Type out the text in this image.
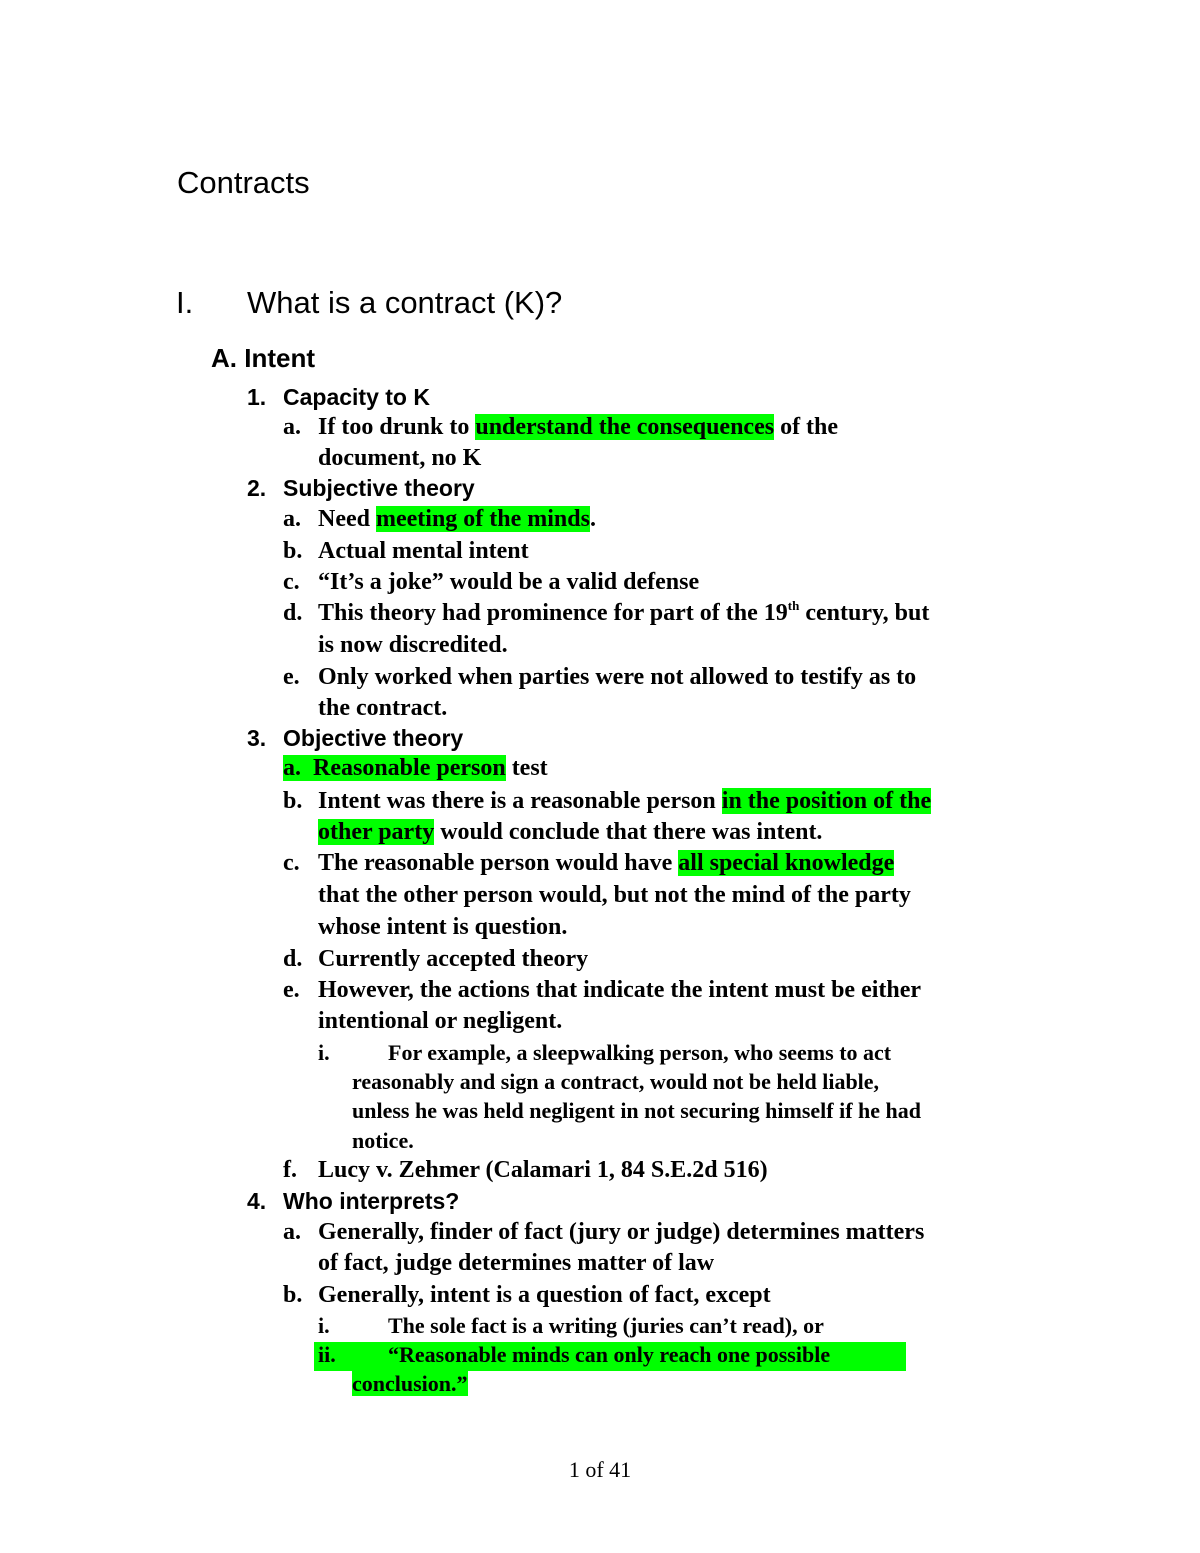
Contracts
I. What is a contract (K)?
A. Intent
1. Capacity to K
a. If too drunk to understand the consequences of the
document, no K
2. Subjective theory
a. Need meeting of the minds.
b. Actual mental intent
c. “It’s a joke” would be a valid defense
d. This theory had prominence for part of the 19th century, but
is now discredited.
e. Only worked when parties were not allowed to testify as to
the contract.
3. Objective theory
a. Reasonable person test
b. Intent was there is a reasonable person in the position of the
other party would conclude that there was intent.
c. The reasonable person would have all special knowledge
that the other person would, but not the mind of the party
whose intent is question.
d. Currently accepted theory
e. However, the actions that indicate the intent must be either
intentional or negligent.
i.	For example, a sleepwalking person, who seems to act
reasonably and sign a contract, would not be held liable,
unless he was held negligent in not securing himself if he had
notice.
f. Lucy v. Zehmer (Calamari 1, 84 S.E.2d 516)
4. Who interprets?
a. Generally, finder of fact (jury or judge) determines matters
of fact, judge determines matter of law
b. Generally, intent is a question of fact, except
i.	The sole fact is a writing (juries can’t read), or
ii. “Reasonable minds can only reach one possible
conclusion.”
1 of 41
